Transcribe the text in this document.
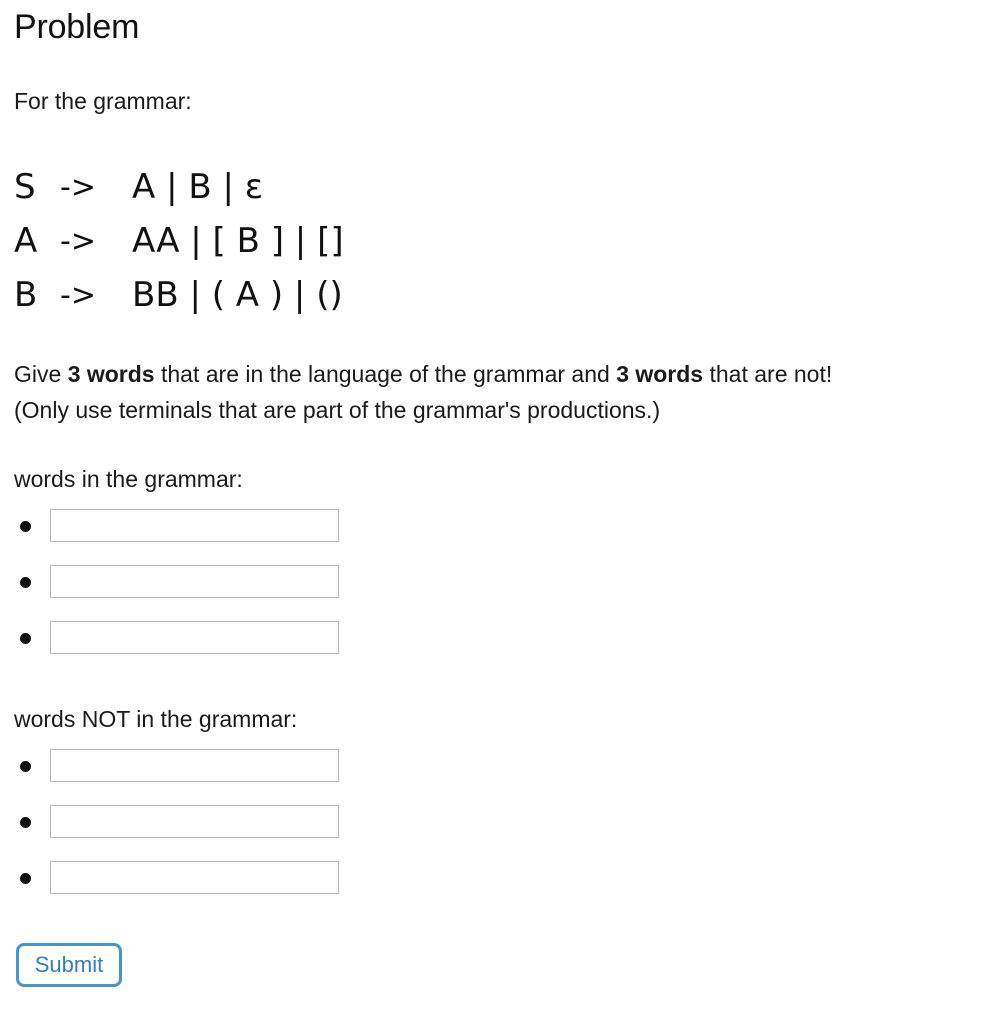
Problem

For the grammar:

S ->	A | B | ε
A ->	AA | [ B ] | []
B ->	BB | ( A ) | ()

Give 3 words that are in the language of the grammar and 3 words that are not!
(Only use terminals that are part of the grammar's productions.)

words in the grammar:

words NOT in the grammar:

Submit
